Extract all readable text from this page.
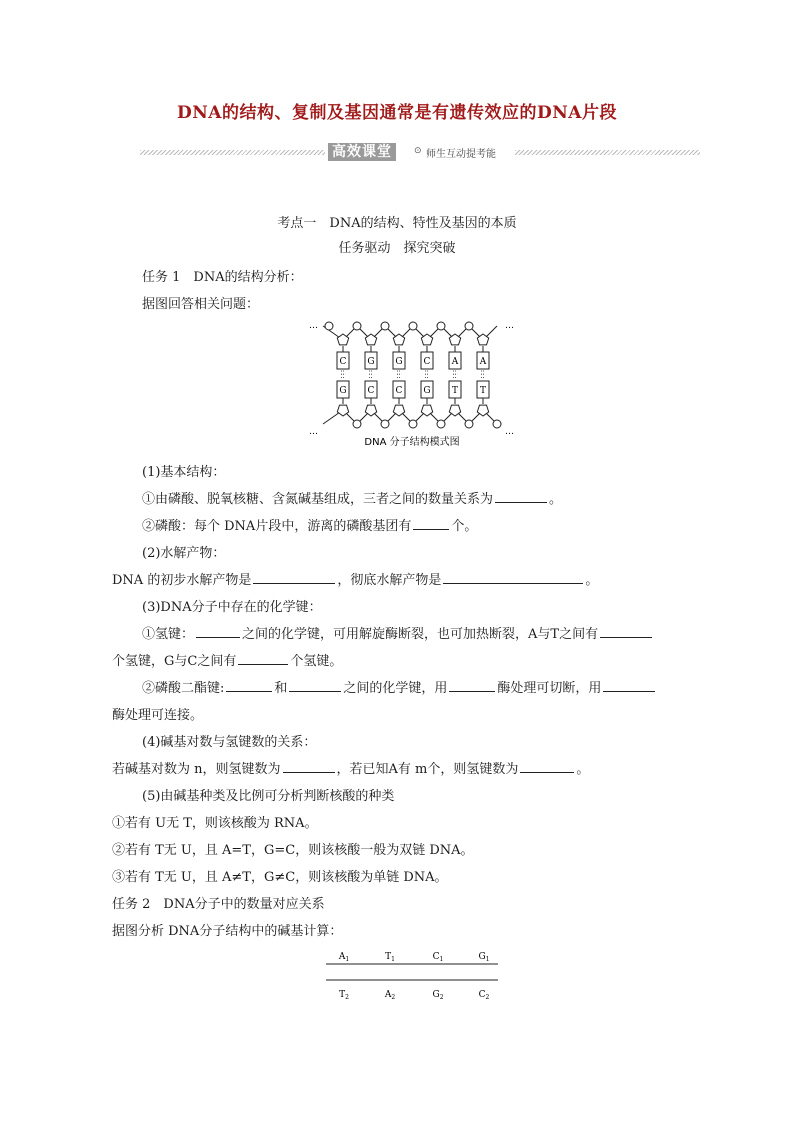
DNA的结构、复制及基因通常是有遗传效应的DNA片段
高效课堂	⊙ 师生互动提考能
考点一　DNA的结构、特性及基因的本质
任务驱动　探究突破
任务 1　DNA的结构分析：
据图回答相关问题：
C
G
G
C
G
C
C
G
A
T
A
T
…	…
…	…
DNA 分子结构模式图
(1)基本结构：
①由磷酸、脱氧核糖、含氮碱基组成，三者之间的数量关系为	。
②磷酸：每个 DNA片段中，游离的磷酸基团有	个。
(2)水解产物：
DNA 的初步水解产物是	，彻底水解产物是	。
(3)DNA分子中存在的化学键：
①氢键：	之间的化学键，可用解旋酶断裂，也可加热断裂，A与T之间有
个氢键，G与C之间有	个氢键。
②磷酸二酯键:	和	之间的化学键，用	酶处理可切断，用
酶处理可连接。
(4)碱基对数与氢键数的关系：
若碱基对数为 n，则氢键数为	，若已知A有 m个，则氢键数为	。
(5)由碱基种类及比例可分析判断核酸的种类
①若有 U无 T，则该核酸为 RNA。
②若有 T无 U，且 A=T，G=C，则该核酸一般为双链 DNA。
③若有 T无 U，且 A≠T，G≠C，则该核酸为单链 DNA。
任务 2　DNA分子中的数量对应关系
据图分析 DNA分子结构中的碱基计算：
$A_1$	$T_1$	$C_1$	$G_1$
$T_2$	$A_2$	$G_2$	$C_2$
